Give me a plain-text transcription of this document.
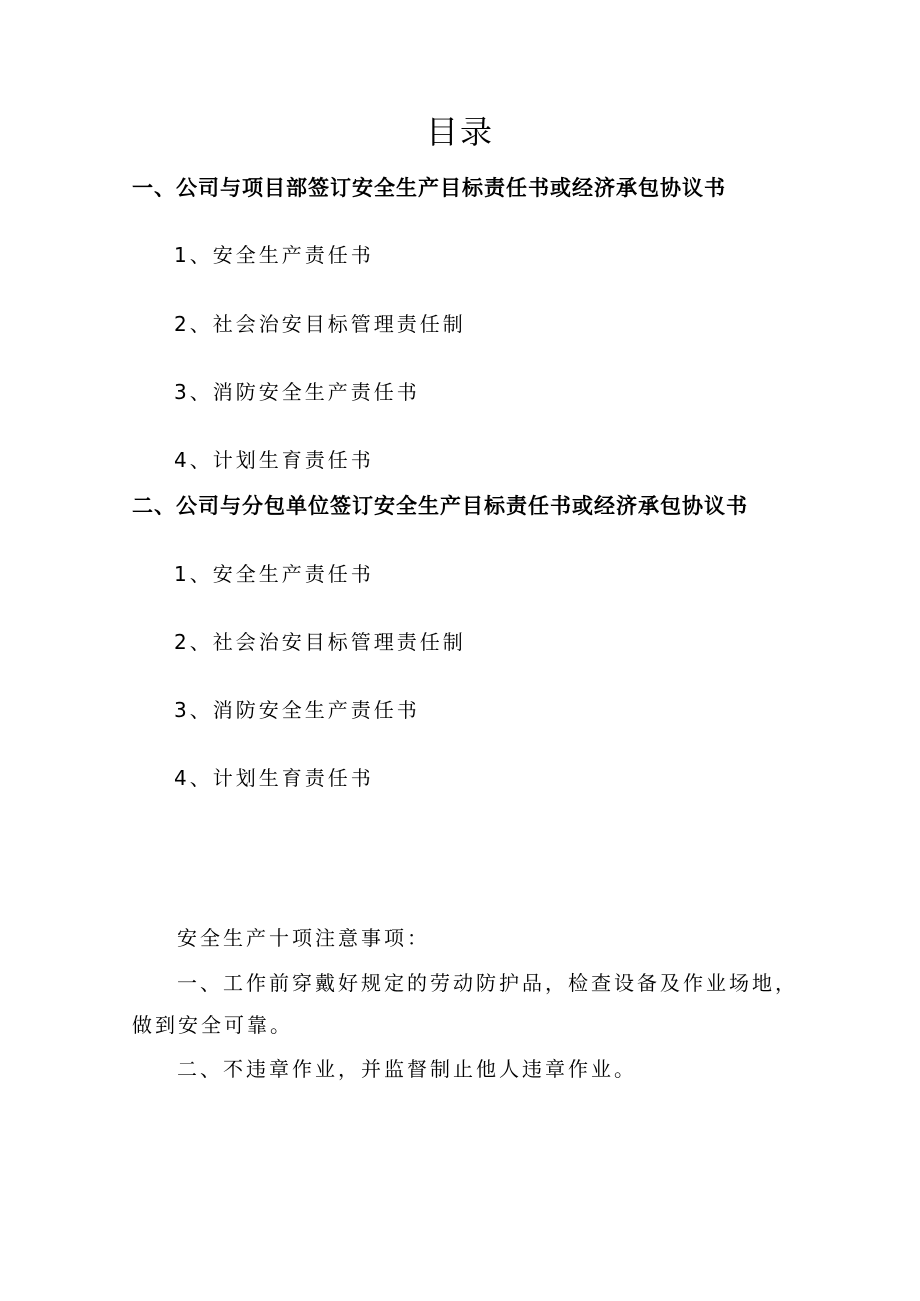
目录
一、公司与项目部签订安全生产目标责任书或经济承包协议书
1、安全生产责任书
2、社会治安目标管理责任制
3、消防安全生产责任书
4、计划生育责任书
二、公司与分包单位签订安全生产目标责任书或经济承包协议书
1、安全生产责任书
2、社会治安目标管理责任制
3、消防安全生产责任书
4、计划生育责任书
安全生产十项注意事项：
一、工作前穿戴好规定的劳动防护品，检查设备及作业场地，做到安全可靠。
二、不违章作业，并监督制止他人违章作业。
